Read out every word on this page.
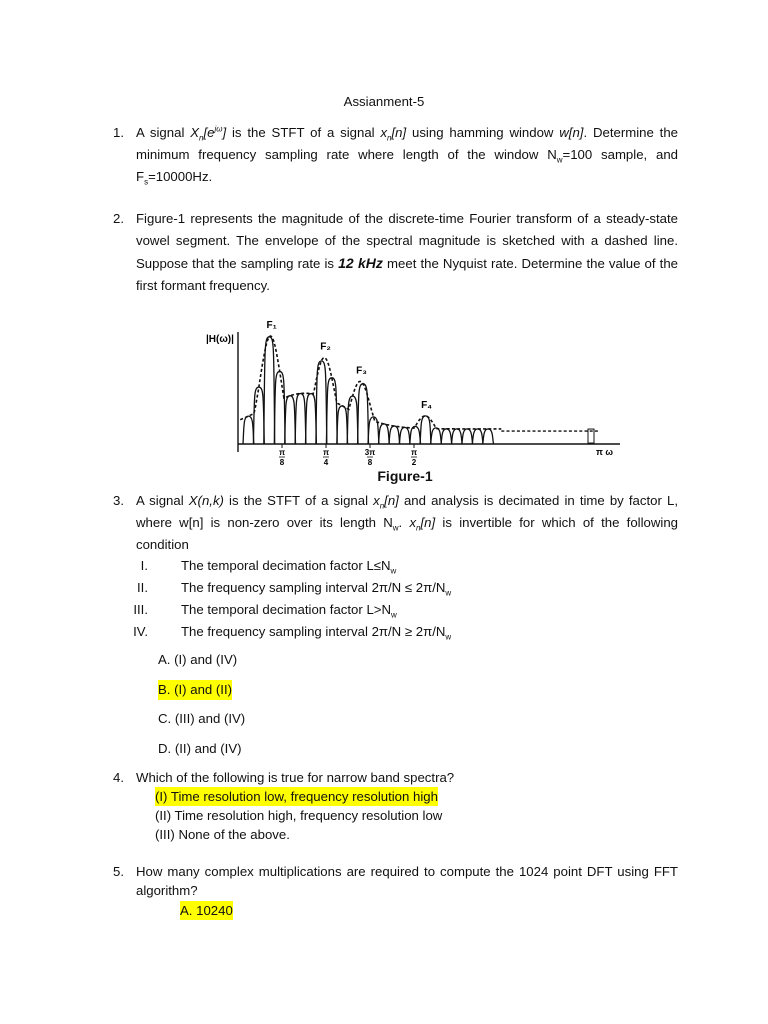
Assianment-5
1. A signal $X_n[e^{j\omega}]$ is the STFT of a signal $x_n[n]$ using hamming window w[n]. Determine the minimum frequency sampling rate where length of the window $N_w=100$ sample, and $F_s=10000Hz$.
2. Figure-1 represents the magnitude of the discrete-time Fourier transform of a steady-state vowel segment. The envelope of the spectral magnitude is sketched with a dashed line. Suppose that the sampling rate is 12 kHz meet the Nyquist rate. Determine the value of the first formant frequency.
|H(ω)|
F₁
F₂
F₃
F₄
π
8
π
4
3π
8
π
2
π ω
Figure-1
3. A signal X(n,k) is the STFT of a signal $x_n[n]$ and analysis is decimated in time by factor L, where w[n] is non-zero over its length $N_w$. $x_n[n]$ is invertible for which of the following condition
I.	The temporal decimation factor $L\le N_w$
II.	The frequency sampling interval $2\pi/N \le 2\pi/N_w$
III.	The temporal decimation factor $L>N_w$
IV.	The frequency sampling interval $2\pi/N \ge 2\pi/N_w$
A. (I) and (IV)
B. (I) and (II)
C. (III) and (IV)
D. (II) and (IV)
4. Which of the following is true for narrow band spectra?
(I) Time resolution low, frequency resolution high
(II) Time resolution high, frequency resolution low
(III) None of the above.
5. How many complex multiplications are required to compute the 1024 point DFT using FFT algorithm?
A. 10240
